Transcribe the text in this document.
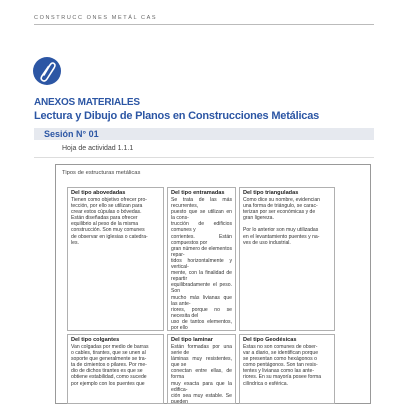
CONSTRUCC ONES METÁL CAS
ANEXOS MATERIALES
Lectura y Dibujo de Planos en Construcciones Metálicas
Sesión N° 01
Hoja de actividad 1.1.1
Tipos de estructuras metálicas
Del tipo abovedadas
Tienen como objetivo ofrecer pro-
tección, por ello se utilizan para
crear estos cúpulas o bóvedas.
Están diseñadas para ofrecer
equilibrio al peso de la misma
construcción. Son muy comunes
de observar en iglesias o catedra-
les.
Del tipo entramadas
Se trata de las más recurrentes,
puesto que se utilizan en la cons-
trucción de edificios comunes y
corrientes. Están compuestos por
gran número de elementos repar-
tidos horizontalmente y vertical-
mente, con la finalidad de repartir
equilibradamente el peso. Son
mucho más livianas que las ante-
riores, porque no se necesita del
uso de tantos elementos, por ello

Del tipo trianguladas
Como dice su nombre, evidencian
una forma de triángulo, se carac-
terizan por ser económicas y de
gran ligereza.

Por lo anterior son muy utilizadas
en el levantamiento puentes y na-
ves de uso industrial.
Del tipo colgantes
Van colgadas por medio de barras
o cables, tirantes, que se unen al
soporte que generalmente se tra-
ta de cimientos o pilares. Por me-
dio de dichos tirantes es que se
obtiene estabilidad, como sucede
por ejemplo con los puentes que
Del tipo laminar
Están formadas por una serie de
láminas muy resistentes, que se
conectan entre ellas, de forma
muy exacta para que la edifica-
ción sea muy estable. Se pueden

Del tipo Geodésicas
Estas no son comunes de obser-
var a diario, se identifican porque
se presentan como hexágonos o
como pentágonos. Son tan resis-
tentes y livianas como las ante-
riores. En su mayoría posee forma
cilíndrica o esférica.
